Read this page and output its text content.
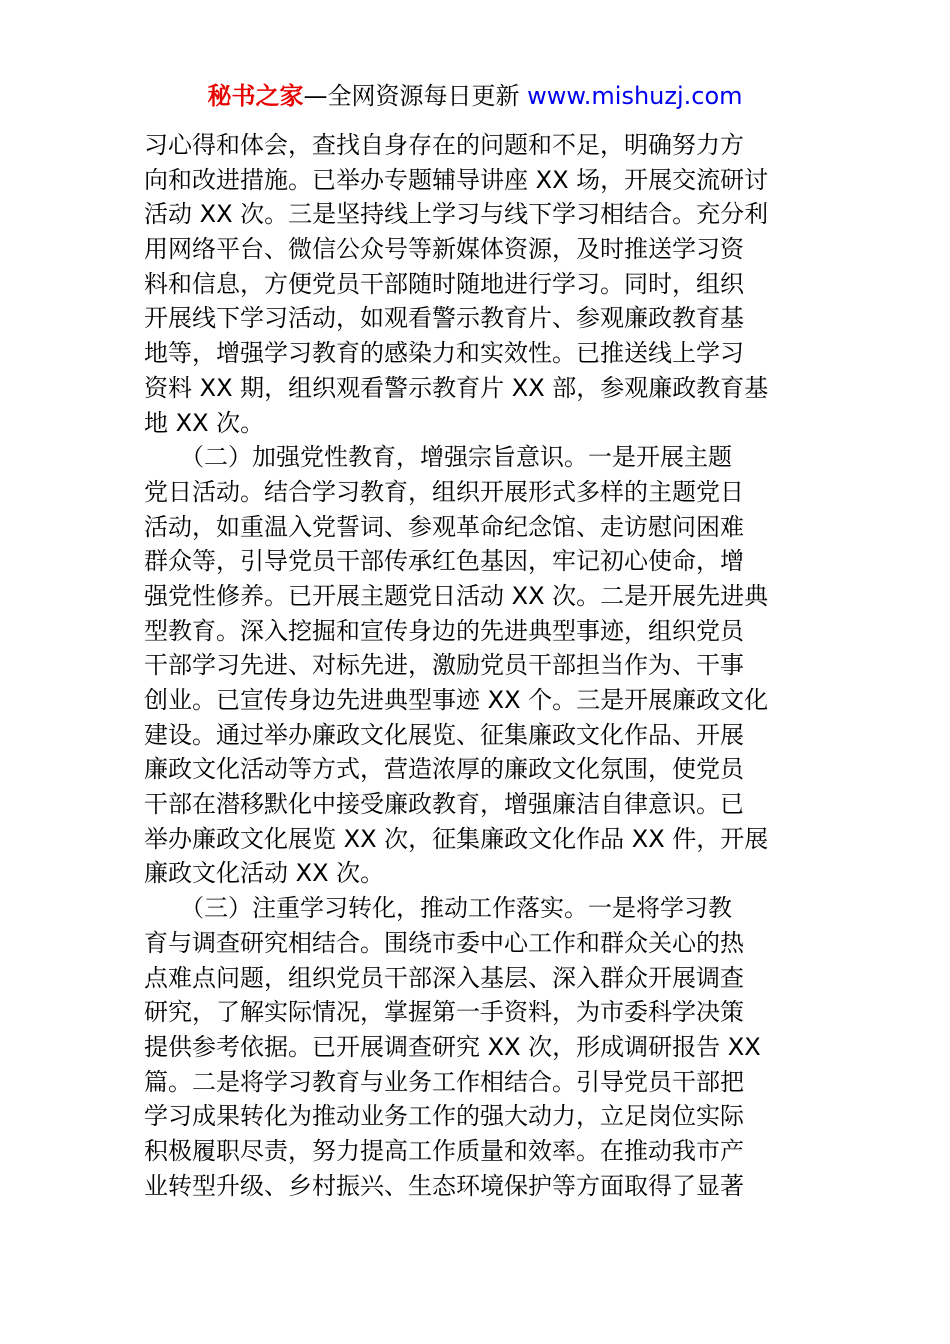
秘书之家—全网资源每日更新 www.mishuzj.com
习心得和体会，查找自身存在的问题和不足，明确努力方
向和改进措施。已举办专题辅导讲座 XX 场，开展交流研讨
活动 XX 次。三是坚持线上学习与线下学习相结合。充分利
用网络平台、微信公众号等新媒体资源，及时推送学习资
料和信息，方便党员干部随时随地进行学习。同时，组织
开展线下学习活动，如观看警示教育片、参观廉政教育基
地等，增强学习教育的感染力和实效性。已推送线上学习
资料 XX 期，组织观看警示教育片 XX 部，参观廉政教育基
地 XX 次。
　　（二）加强党性教育，增强宗旨意识。一是开展主题
党日活动。结合学习教育，组织开展形式多样的主题党日
活动，如重温入党誓词、参观革命纪念馆、走访慰问困难
群众等，引导党员干部传承红色基因，牢记初心使命，增
强党性修养。已开展主题党日活动 XX 次。二是开展先进典
型教育。深入挖掘和宣传身边的先进典型事迹，组织党员
干部学习先进、对标先进，激励党员干部担当作为、干事
创业。已宣传身边先进典型事迹 XX 个。三是开展廉政文化
建设。通过举办廉政文化展览、征集廉政文化作品、开展
廉政文化活动等方式，营造浓厚的廉政文化氛围，使党员
干部在潜移默化中接受廉政教育，增强廉洁自律意识。已
举办廉政文化展览 XX 次，征集廉政文化作品 XX 件，开展
廉政文化活动 XX 次。
　　（三）注重学习转化，推动工作落实。一是将学习教
育与调查研究相结合。围绕市委中心工作和群众关心的热
点难点问题，组织党员干部深入基层、深入群众开展调查
研究，了解实际情况，掌握第一手资料，为市委科学决策
提供参考依据。已开展调查研究 XX 次，形成调研报告 XX
篇。二是将学习教育与业务工作相结合。引导党员干部把
学习成果转化为推动业务工作的强大动力，立足岗位实际
积极履职尽责，努力提高工作质量和效率。在推动我市产
业转型升级、乡村振兴、生态环境保护等方面取得了显著
